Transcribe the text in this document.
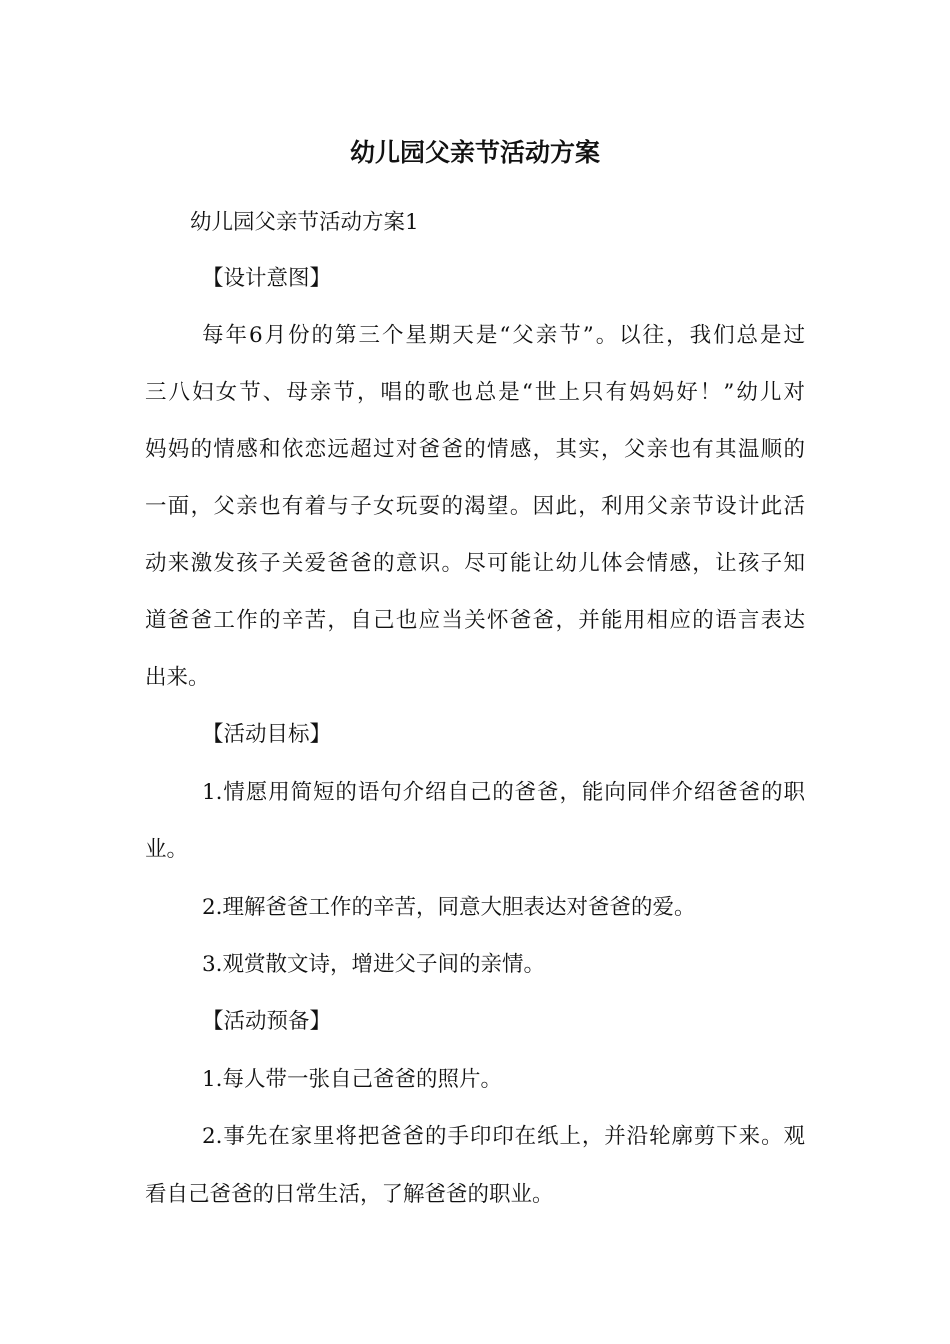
幼儿园父亲节活动方案
幼儿园父亲节活动方案1
【设计意图】
每年6月份的第三个星期天是“父亲节”。以往，我们总是过
三八妇女节、母亲节，唱的歌也总是“世上只有妈妈好！”幼儿对
妈妈的情感和依恋远超过对爸爸的情感，其实，父亲也有其温顺的
一面，父亲也有着与子女玩耍的渴望。因此，利用父亲节设计此活
动来激发孩子关爱爸爸的意识。尽可能让幼儿体会情感，让孩子知
道爸爸工作的辛苦，自己也应当关怀爸爸，并能用相应的语言表达
出来。
【活动目标】
1.情愿用简短的语句介绍自己的爸爸，能向同伴介绍爸爸的职
业。
2.理解爸爸工作的辛苦，同意大胆表达对爸爸的爱。
3.观赏散文诗，增进父子间的亲情。
【活动预备】
1.每人带一张自己爸爸的照片。
2.事先在家里将把爸爸的手印印在纸上，并沿轮廓剪下来。观
看自己爸爸的日常生活，了解爸爸的职业。
